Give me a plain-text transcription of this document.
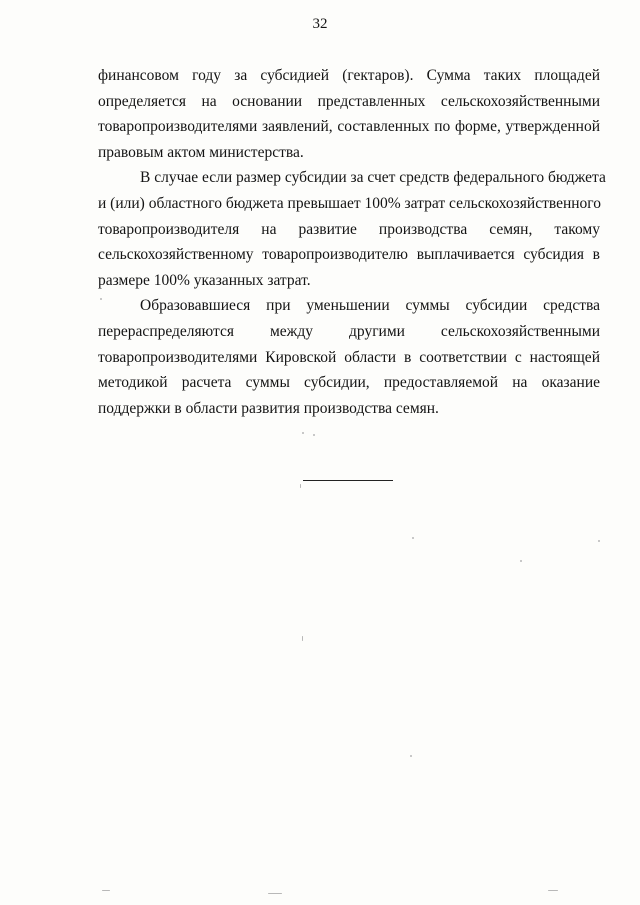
32
финансовом году за субсидией (гектаров). Сумма таких площадей
определяется на основании представленных сельскохозяйственными
товаропроизводителями заявлений, составленных по форме, утвержденной
правовым актом министерства.
В случае если размер субсидии за счет средств федерального бюджета
и (или) областного бюджета превышает 100% затрат сельскохозяйственного
товаропроизводителя на развитие производства семян, такому
сельскохозяйственному товаропроизводителю выплачивается субсидия в
размере 100% указанных затрат.
Образовавшиеся при уменьшении суммы субсидии средства
перераспределяются между другими сельскохозяйственными
товаропроизводителями Кировской области в соответствии с настоящей
методикой расчета суммы субсидии, предоставляемой на оказание
поддержки в области развития производства семян.
